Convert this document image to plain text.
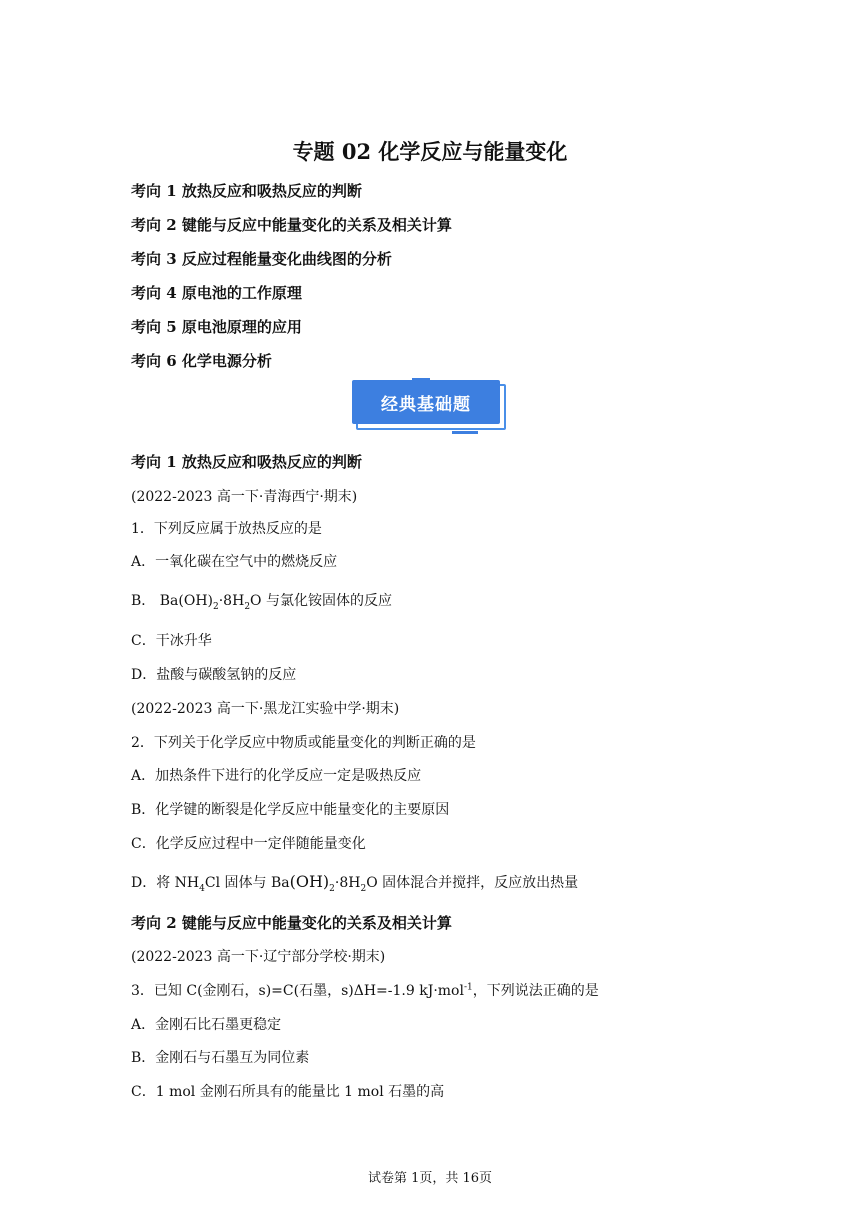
专题 02 化学反应与能量变化
考向 1 放热反应和吸热反应的判断
考向 2 键能与反应中能量变化的关系及相关计算
考向 3 反应过程能量变化曲线图的分析
考向 4 原电池的工作原理
考向 5 原电池原理的应用
考向 6 化学电源分析
经典基础题
考向 1 放热反应和吸热反应的判断
(2022-2023 高一下·青海西宁·期末)
1．下列反应属于放热反应的是
A．一氧化碳在空气中的燃烧反应
B． $Ba(OH)_2\cdot 8H_2O$ 与氯化铵固体的反应
C．干冰升华
D．盐酸与碳酸氢钠的反应
(2022-2023 高一下·黑龙江实验中学·期末)
2．下列关于化学反应中物质或能量变化的判断正确的是
A．加热条件下进行的化学反应一定是吸热反应
B．化学键的断裂是化学反应中能量变化的主要原因
C．化学反应过程中一定伴随能量变化
D．将 $NH_4Cl$ 固体与 $Ba(OH)_2\cdot 8H_2O$ 固体混合并搅拌，反应放出热量
考向 2 键能与反应中能量变化的关系及相关计算
(2022-2023 高一下·辽宁部分学校·期末)
3．已知 C(金刚石，s)=C(石墨，s)ΔH=-1.9 kJ·mol$^{-1}$，下列说法正确的是
A．金刚石比石墨更稳定
B．金刚石与石墨互为同位素
C．1 mol 金刚石所具有的能量比 1 mol 石墨的高
试卷第 1页，共 16页
